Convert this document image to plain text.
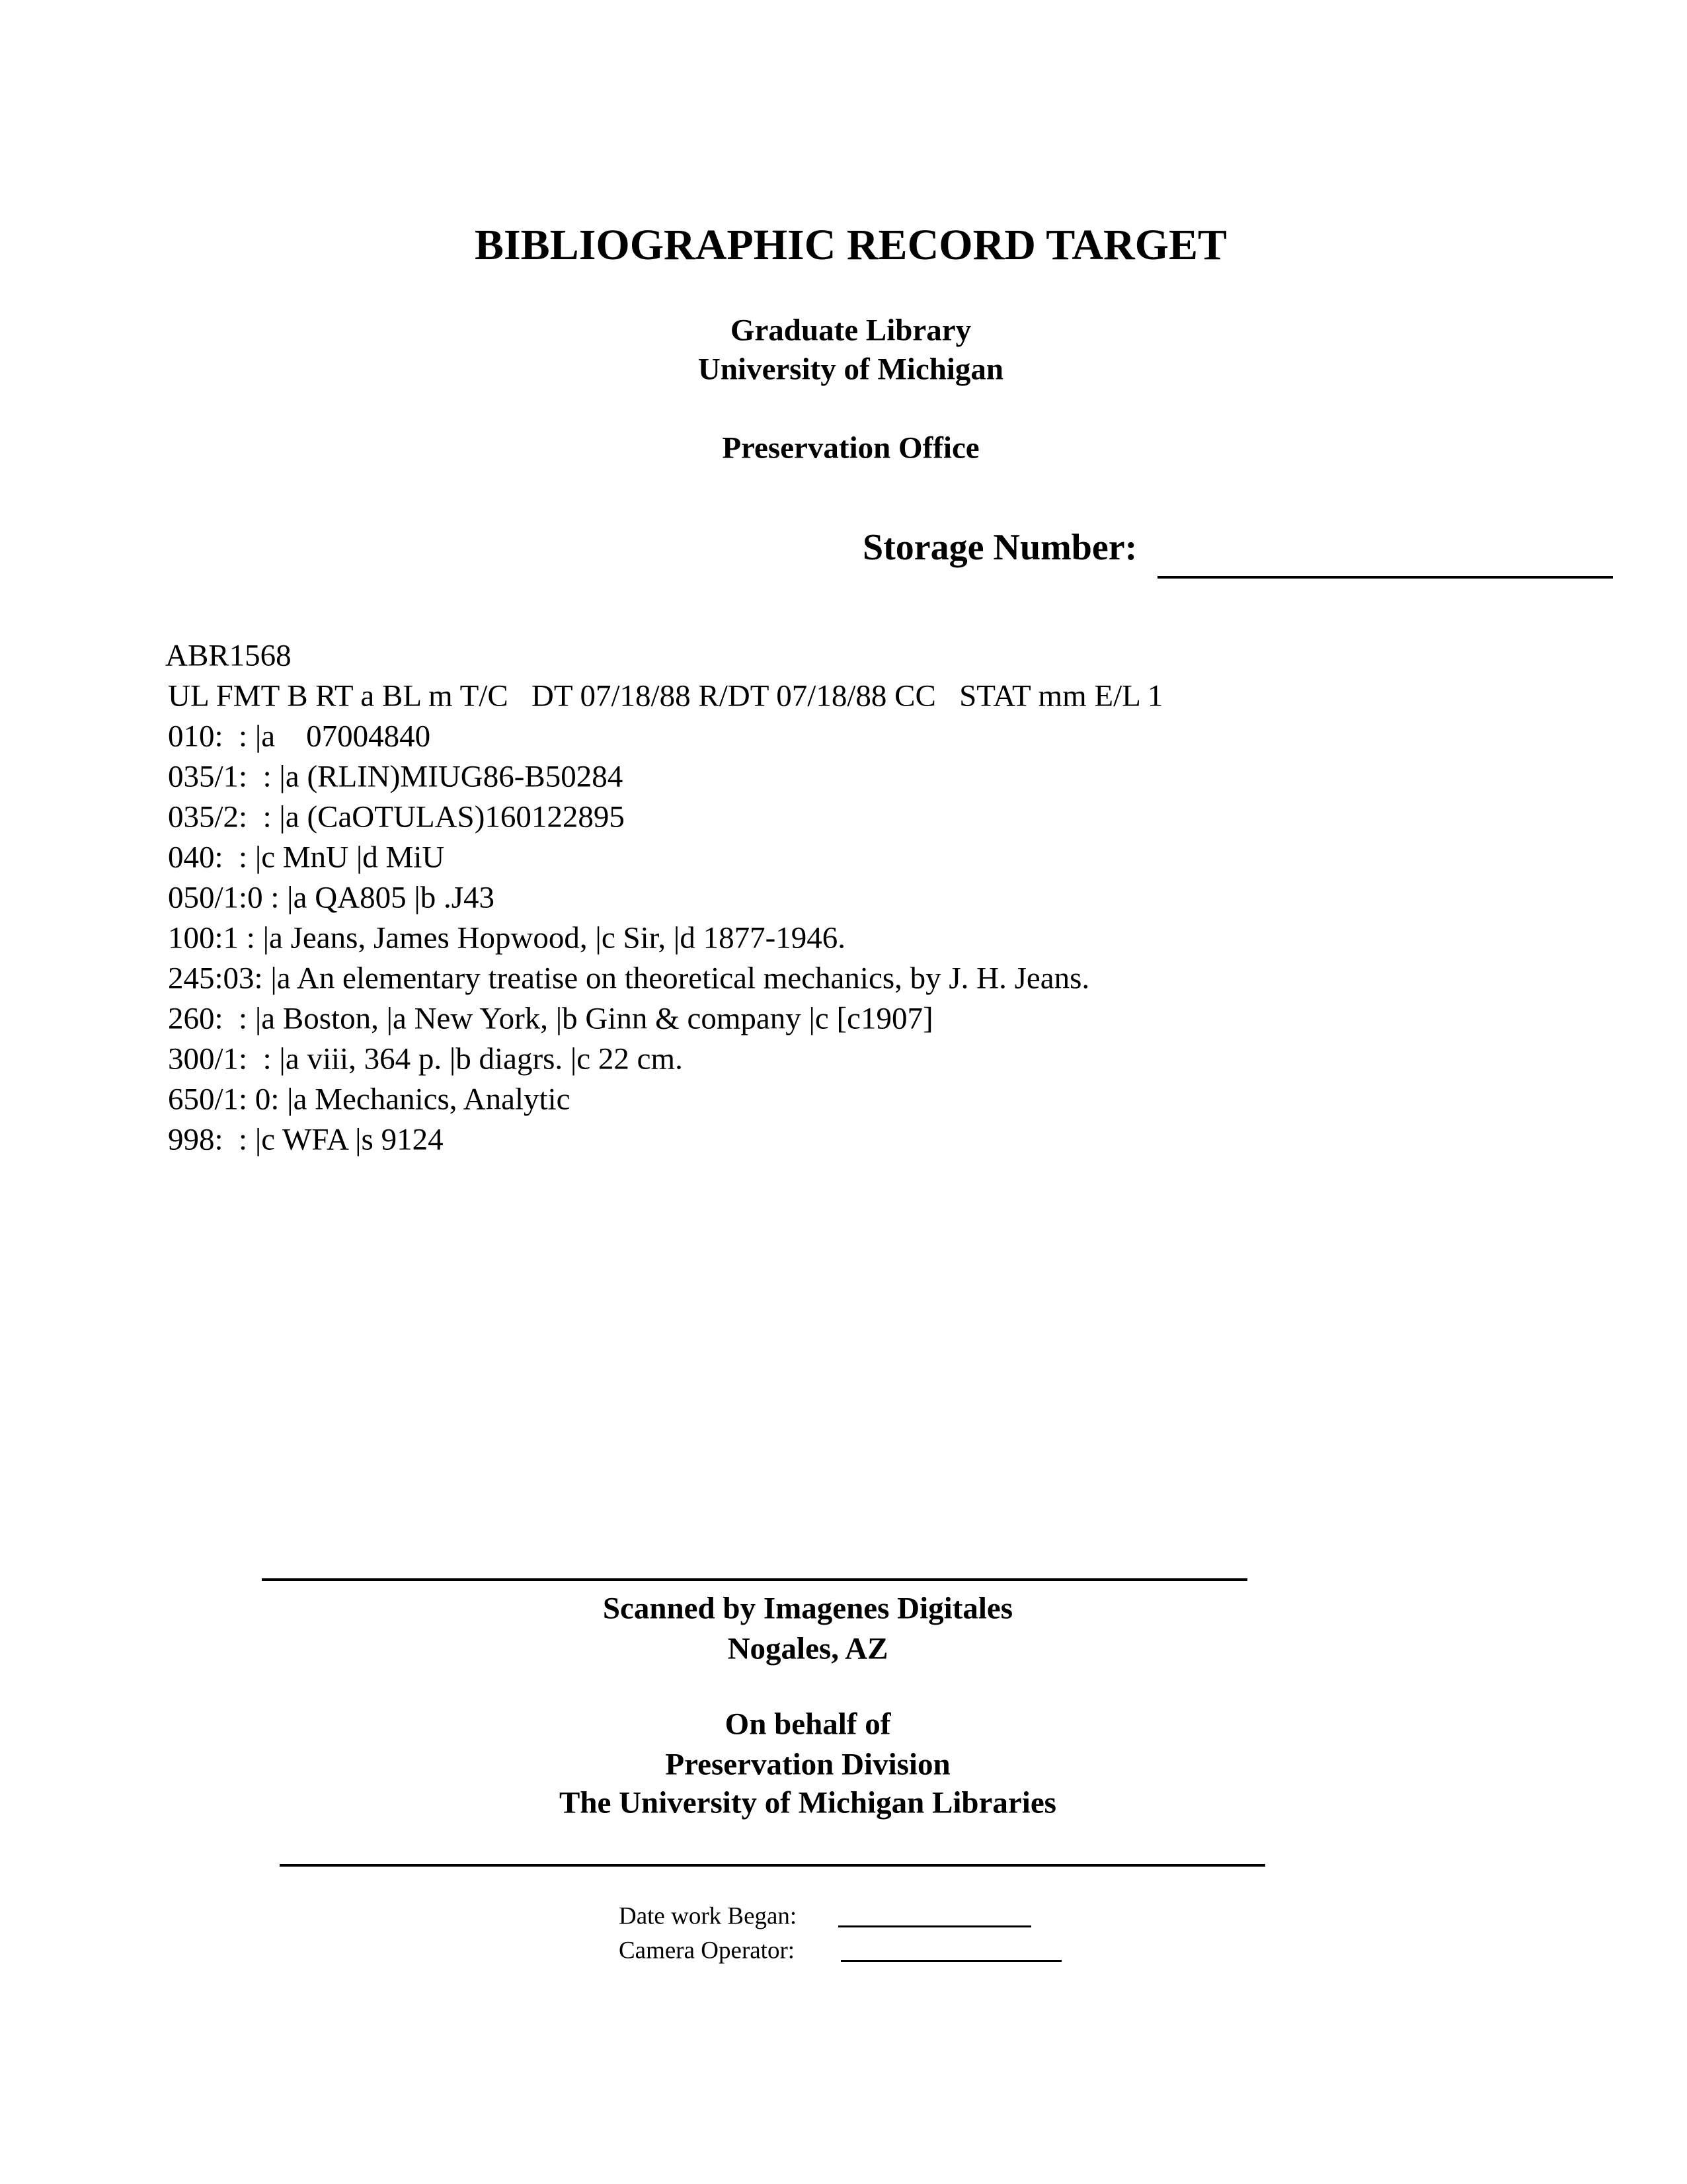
BIBLIOGRAPHIC RECORD TARGET
Graduate Library
University of Michigan
Preservation Office
Storage Number:
ABR1568
UL FMT B RT a BL m T/C   DT 07/18/88 R/DT 07/18/88 CC   STAT mm E/L 1
010:  : |a    07004840
035/1:  : |a (RLIN)MIUG86-B50284
035/2:  : |a (CaOTULAS)160122895
040:  : |c MnU |d MiU
050/1:0 : |a QA805 |b .J43
100:1 : |a Jeans, James Hopwood, |c Sir, |d 1877-1946.
245:03: |a An elementary treatise on theoretical mechanics, by J. H. Jeans.
260:  : |a Boston, |a New York, |b Ginn & company |c [c1907]
300/1:  : |a viii, 364 p. |b diagrs. |c 22 cm.
650/1: 0: |a Mechanics, Analytic
998:  : |c WFA |s 9124
Scanned by Imagenes Digitales
Nogales, AZ
On behalf of
Preservation Division
The University of Michigan Libraries
Date work Began:
Camera Operator:
